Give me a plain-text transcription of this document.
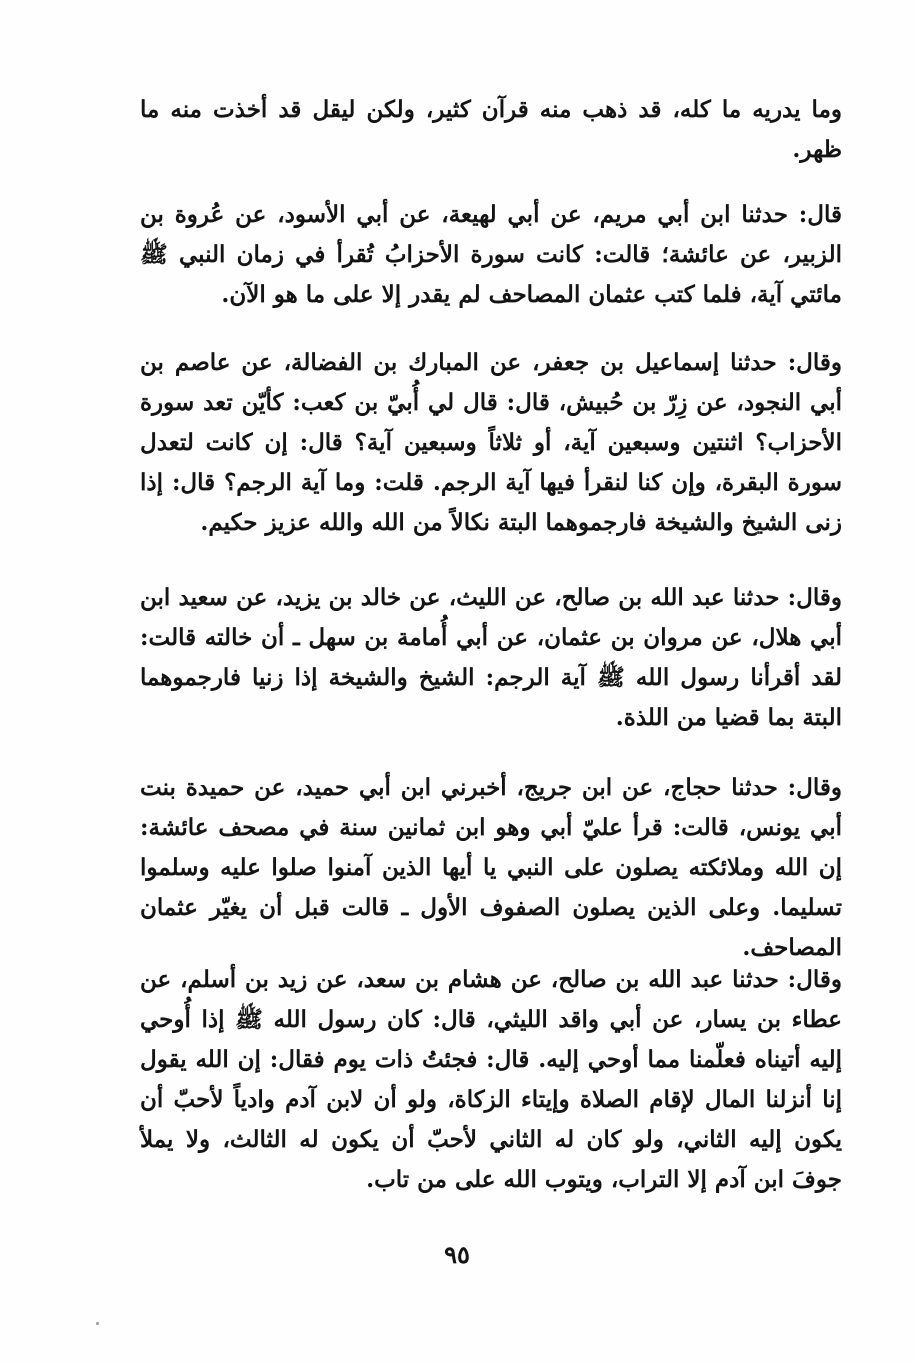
وما يدريه ما كله، قد ذهب منه قرآن كثير، ولكن ليقل قد أخذت منه ما ظهر.
قال: حدثنا ابن أبي مريم، عن أبي لهيعة، عن أبي الأسود، عن عُروة بن الزبير، عن عائشة؛ قالت: كانت سورة الأحزابُ تُقرأ في زمان النبي ﷺ مائتي آية، فلما كتب عثمان المصاحف لم يقدر إلا على ما هو الآن.
وقال: حدثنا إسماعيل بن جعفر، عن المبارك بن الفضالة، عن عاصم بن أبي النجود، عن زِرّ بن حُبيش، قال: قال لي أُبيّ بن كعب: كأيّن تعد سورة الأحزاب؟ اثنتين وسبعين آية، أو ثلاثاً وسبعين آية؟ قال: إن كانت لتعدل سورة البقرة، وإن كنا لنقرأ فيها آية الرجم. قلت: وما آية الرجم؟ قال: إذا زنى الشيخ والشيخة فارجموهما البتة نكالاً من الله والله عزيز حكيم.
وقال: حدثنا عبد الله بن صالح، عن الليث، عن خالد بن يزيد، عن سعيد ابن أبي هلال، عن مروان بن عثمان، عن أبي أُمامة بن سهل ـ أن خالته قالت: لقد أقرأنا رسول الله ﷺ آية الرجم: الشيخ والشيخة إذا زنيا فارجموهما البتة بما قضيا من اللذة.
وقال: حدثنا حجاج، عن ابن جريج، أخبرني ابن أبي حميد، عن حميدة بنت أبي يونس، قالت: قرأ عليّ أبي وهو ابن ثمانين سنة في مصحف عائشة: إن الله وملائكته يصلون على النبي يا أيها الذين آمنوا صلوا عليه وسلموا تسليما. وعلى الذين يصلون الصفوف الأول ـ قالت قبل أن يغيّر عثمان المصاحف.
وقال: حدثنا عبد الله بن صالح، عن هشام بن سعد، عن زيد بن أسلم، عن عطاء بن يسار، عن أبي واقد الليثي، قال: كان رسول الله ﷺ إذا أُوحي إليه أتيناه فعلّمنا مما أوحي إليه. قال: فجئتُ ذات يوم فقال: إن الله يقول إنا أنزلنا المال لإقام الصلاة وإيتاء الزكاة، ولو أن لابن آدم وادياً لأحبّ أن يكون إليه الثاني، ولو كان له الثاني لأحبّ أن يكون له الثالث، ولا يملأ جوفَ ابن آدم إلا التراب، ويتوب الله على من تاب.
٩٥
